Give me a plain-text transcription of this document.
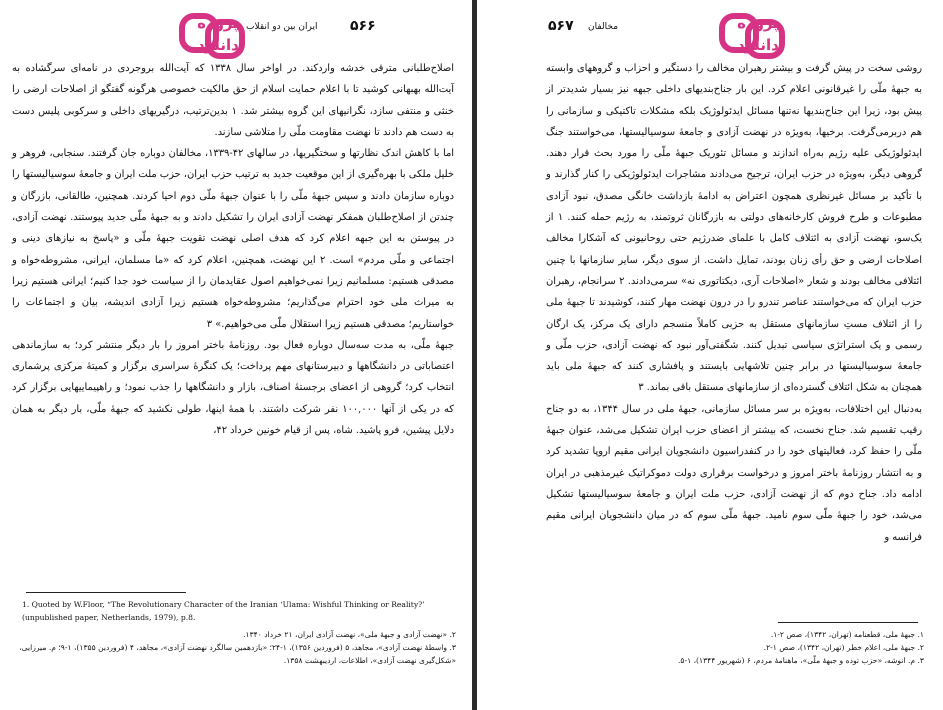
۵۶۶
ایران بین دو انقلاب
پروژه
دانلود

اصلاح‌طلبانی مترقی خدشه واردکند. در اواخر سال ۱۳۳۸ که آیت‌الله بروجردی در نامه‌ای سرگشاده به آیت‌الله بهبهانی کوشید تا با اعلام حمایت اسلام از حق مالکیت خصوصی هرگونه گفتگو از اصلاحات ارضی را خنثی و منتفی سازد، نگرانیهای این گروه بیشتر شد. ۱ بدین‌ترتیب، درگیریهای داخلی و سرکوبی پلیس دست به دست هم دادند تا نهضت مقاومت ملّی را متلاشی سازند.

اما با کاهش اندک نظارتها و سختگیریها، در سالهای ۴۲-۱۳۳۹، مخالفان دوباره جان گرفتند. سنجابی، فروهر و خلیل ملکی با بهره‌گیری از این موقعیت جدید به ترتیب حزب ایران، حزب ملت ایران و جامعهٔ سوسیالیستها را دوباره سازمان دادند و سپس جبههٔ ملّی را با عنوان جبههٔ ملّی دوم احیا کردند. همچنین، طالقانی، بازرگان و چندتن از اصلاح‌طلبان همفکر نهضت آزادی ایران را تشکیل دادند و به جبههٔ ملّی جدید پیوستند. نهضت آزادی، در پیوستن به این جبهه اعلام کرد که هدف اصلی نهضت تقویت جبههٔ ملّی و «پاسخ به نیازهای دینی و اجتماعی و ملّی مردم» است. ۲ این نهضت، همچنین، اعلام کرد که «ما مسلمان، ایرانی، مشروطه‌خواه و مصدقی هستیم: مسلمانیم زیرا نمی‌خواهیم اصول عقایدمان را از سیاست خود جدا کنیم؛ ایرانی هستیم زیرا به میراث ملی خود احترام می‌گذاریم؛ مشروطه‌خواه هستیم زیرا آزادی اندیشه، بیان و اجتماعات را خواستاریم؛ مصدقی هستیم زیرا استقلال ملّی می‌خواهیم.» ۳

جبههٔ ملّی، به مدت سه‌سال دوباره فعال بود. روزنامهٔ باختر امروز را بار دیگر منتشر کرد؛ به سازماندهی اعتصاباتی در دانشگاهها و دبیرستانهای مهم پرداخت؛ یک کنگرهٔ سراسری برگزار و کمیتهٔ مرکزی پرشماری انتخاب کرد؛ گروهی از اعضای برجستهٔ اصناف، بازار و دانشگاهها را جذب نمود؛ و راهپیماییهایی برگزار کرد که در یکی از آنها ۱۰۰,۰۰۰ نفر شرکت داشتند. با همهٔ اینها، طولی نکشید که جبههٔ ملّی، بار دیگر به همان دلایل پیشین، فرو پاشید. شاه، پس از قیام خونین خرداد ۴۲،

1. Quoted by W.Floor, “The Revolutionary Character of the Iranian ‘Ulama: Wishful Thinking or Reality?’ (unpublished paper, Netherlands, 1979), p.8.

۲. «نهضت آزادی و جبههٔ ملی»، نهضت آزادی ایران، ۲۱ خرداد ۱۳۴۰.

۳. واسطهٔ نهضت آزادی»، مجاهد، ۵ (فروردین ۱۳۵۶)، ۱-۲۴؛ «بازدهمین سالگرد نهضت آزادی»، مجاهد، ۴ (فروردین ۱۳۵۵)، ۱-۹؛ م. میرزایی، «شکل‌گیری نهضت آزادی»، اطلاعات، اردیبهشت ۱۳۵۸.

۵۶۷ مخالفان	پروژه
دانلود

روشی سخت در پیش گرفت و بیشتر رهبران مخالف را دستگیر و احزاب و گروههای وابسته به جبههٔ ملّی را غیرقانونی اعلام کرد. این بار جناح‌بندیهای داخلی جبهه نیز بسیار شدیدتر از پیش بود، زیرا این جناح‌بندیها نه‌تنها مسائل ایدئولوژیک بلکه مشکلات تاکتیکی و سازمانی را هم دربرمی‌گرفت. برخیها، به‌ویژه در نهضت آزادی و جامعهٔ سوسیالیستها، می‌خواستند جنگ ایدئولوژیکی علیه رژیم به‌راه اندازند و مسائل تئوریک جبههٔ ملّی را مورد بحث قرار دهند. گروهی دیگر، به‌ویژه در حزب ایران، ترجیح می‌دادند مشاجرات ایدئولوژیکی را کنار گذارند و با تأکید بر مسائل غیرنظری همچون اعتراض به ادامهٔ بازداشت خانگی مصدق، نبود آزادی مطبوعات و طرح فروش کارخانه‌های دولتی به بازرگانان ثروتمند، به رژیم حمله کنند. ۱ از یک‌سو، نهضت آزادی به ائتلاف کامل با علمای ضدرژیم حتی روحانیونی که آشکارا مخالف اصلاحات ارضی و حق رأی زنان بودند، تمایل داشت. از سوی دیگر، سایر سازمانها با چنین ائتلافی مخالف بودند و شعار «اصلاحات آری، دیکتاتوری نه» سرمی‌دادند. ۲ سرانجام، رهبران حزب ایران که می‌خواستند عناصر تندرو را در درون نهضت مهار کنند، کوشیدند تا جبههٔ ملی را از ائتلاف مست‌ِ سازمانهای مستقل به حزبی کاملاً منسجم دارای یک مرکز، یک ارگان رسمی و یک استراتژی سیاسی تبدیل کنند. شگفتی‌آور نبود که نهضت آزادی، حزب ملّی و جامعهٔ سوسیالیستها در برابر چنین تلاشهایی بایستند و پافشاری کنند که جبههٔ ملی باید همچنان به شکل ائتلاف گسترده‌ای از سازمانهای مستقل باقی بماند. ۳

به‌دنبال این اختلافات، به‌ویژه بر سر مسائل سازمانی، جبههٔ ملی در سال ۱۳۴۴، به دو جناح رقیب تقسیم شد. جناح نخست، که بیشتر از اعضای حزب ایران تشکیل می‌شد، عنوان جبههٔ ملّی را حفظ کرد، فعالیتهای خود را در کنفدراسیون دانشجویان ایرانی مقیم اروپا تشدید کرد و به انتشار روزنامهٔ باختر امروز و درخواست برقراری دولت دموکراتیک غیرمذهبی در ایران ادامه داد. جناح دوم که از نهضت آزادی، حزب ملت ایران و جامعهٔ سوسیالیستها تشکیل می‌شد، خود را جبههٔ ملّی سوم نامید. جبههٔ ملّی سوم که در میان دانشجویان ایرانی مقیم فرانسه و

۱. جبههٔ ملی، قطعنامه (تهران، ۱۳۴۲)، صص ۲-۱.

۲. جبههٔ ملی، اعلام خطر (تهران، ۱۳۴۲)، صص ۱-۲.

۳. م. انوشه، «حزب توده و جبههٔ ملّی»، ماهنامهٔ مردم، ۶ (شهریور ۱۳۴۴)، ۱-۵.
